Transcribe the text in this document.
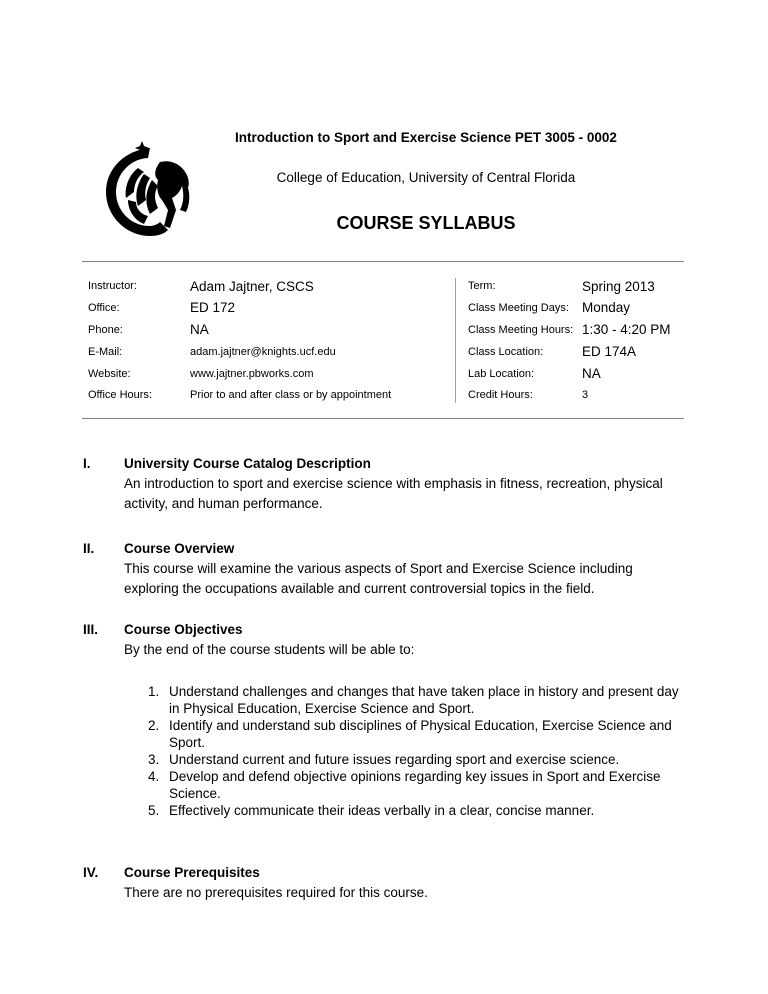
Introduction to Sport and Exercise Science PET 3005 - 0002
College of Education, University of Central Florida
COURSE SYLLABUS
Instructor:	Adam Jajtner, CSCS
Office:	ED 172
Phone:	NA
E-Mail:	adam.jajtner@knights.ucf.edu
Website:	www.jajtner.pbworks.com
Office Hours:	Prior to and after class or by appointment
Term:	Spring 2013
Class Meeting Days: Monday
Class Meeting Hours: 1:30 - 4:20 PM
Class Location:	ED 174A
Lab Location:	NA
Credit Hours:	3
I. University Course Catalog Description
An introduction to sport and exercise science with emphasis in fitness, recreation, physical activity, and human performance.
II. Course Overview
This course will examine the various aspects of Sport and Exercise Science including exploring the occupations available and current controversial topics in the field.
III. Course Objectives
By the end of the course students will be able to:
1. Understand challenges and changes that have taken place in history and present day in Physical Education, Exercise Science and Sport.
2. Identify and understand sub disciplines of Physical Education, Exercise Science and Sport.
3. Understand current and future issues regarding sport and exercise science.
4. Develop and defend objective opinions regarding key issues in Sport and Exercise Science.
5. Effectively communicate their ideas verbally in a clear, concise manner.
IV. Course Prerequisites
There are no prerequisites required for this course.
